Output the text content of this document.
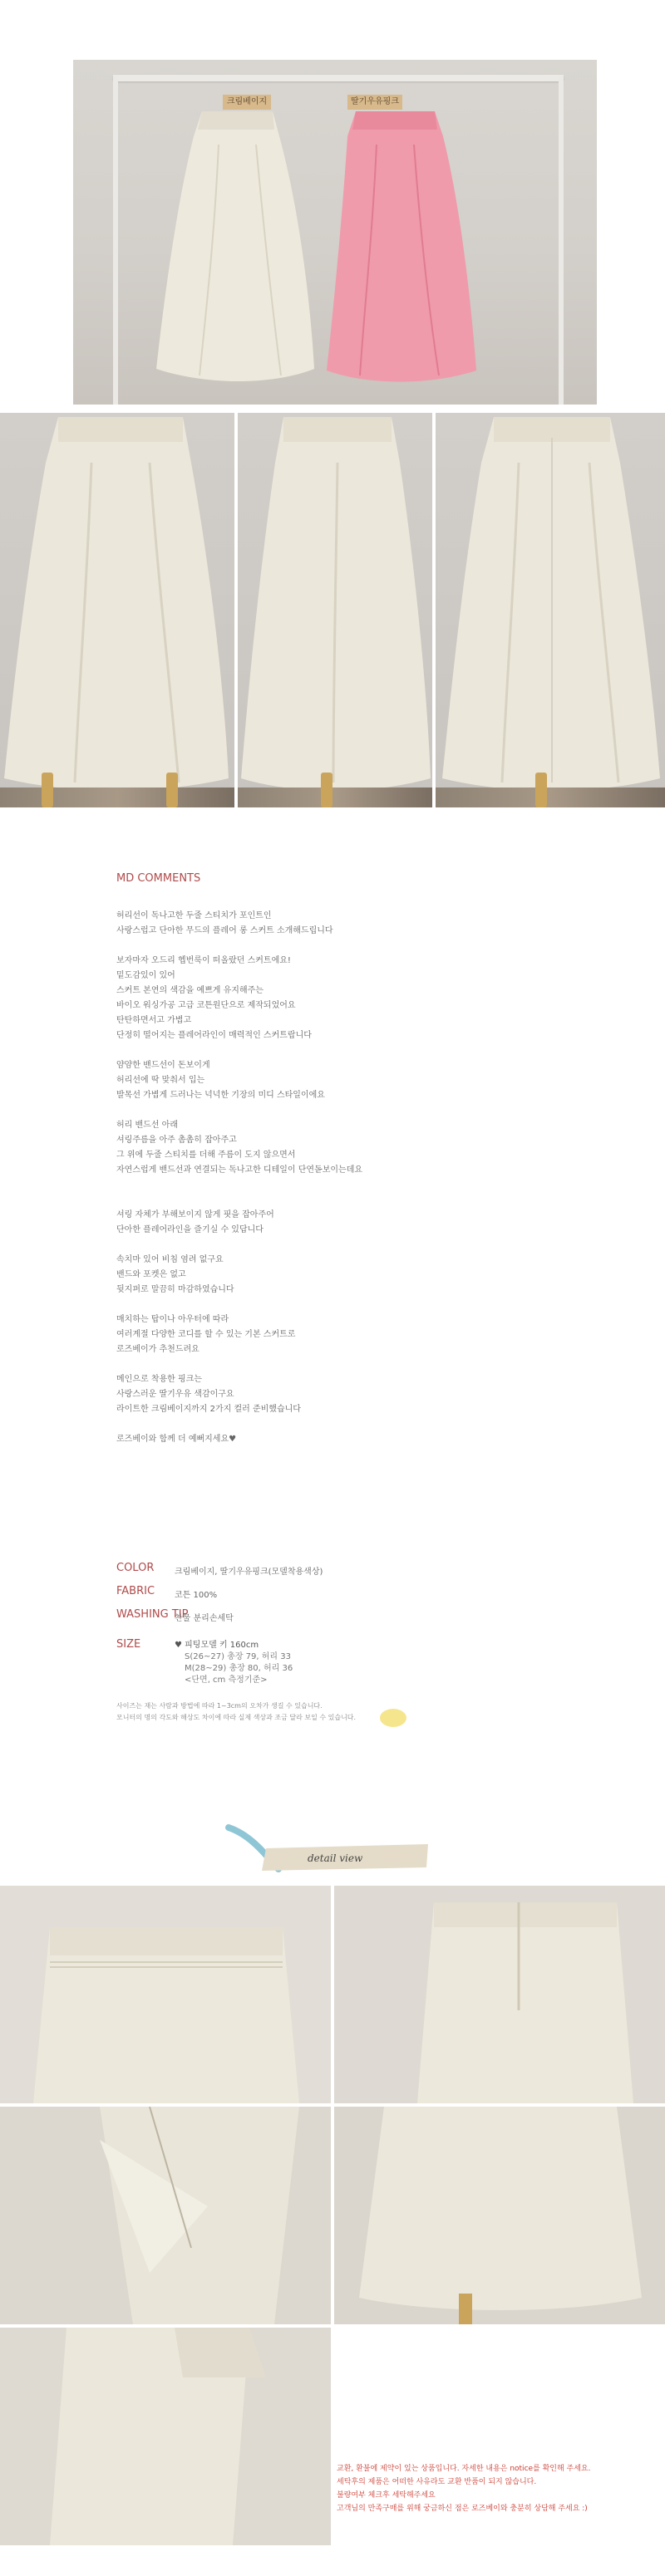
크림베이지	딸기우유핑크
MD COMMENTS
허리선이 독나고한 두줄 스티치가 포인트인
사랑스럽고 단아한 무드의 플레어 롱 스커트 소개해드립니다
보자마자 오드리 헵번룩이 떠올랐던 스커트에요!
밑도감있이 있어
스커트 본연의 색감을 예쁘게 유지해주는
바이오 워싱가공 고급 코튼원단으로 제작되었어요
탄탄하면서고 가볍고
단정히 떨어지는 플레어라인이 매력적인 스커트랍니다
얌얌한 밴드선이 돈보이게
허리선에 딱 맞춰서 입는
발목선 가볍게 드러나는 넉넉한 기장의 미디 스타일이에요
허리 밴드선 아래
셔링주름을 아주 촘촘히 잡아주고
그 위에 두줄 스티치를 더해 주름이 도지 않으면서
자연스럽게 밴드선과 연결되는 독나고한 디테일이 단연돋보이는데요
셔링 자체가 부해보이지 않게 핏을 잡아주어
단아한 플레어라인을 즐기실 수 있답니다
속치마 있어 비침 염려 없구요
밴드와 포켓은 없고
뒷지퍼로 말끔히 마감하였습니다
매치하는 탑이나 아우터에 따라
여러계절 다양한 코디를 할 수 있는 기본 스커트로
로즈베이가 추천드려요
메인으로 착용한 핑크는
사랑스러운 딸기우유 색감이구요
라이트한 크림베이지까지 2가지 컬러 준비했습니다
로즈베이와 함께 더 예뻐지세요♥
COLOR 크림베이지, 딸기우유핑크(모델착용색상)
FABRIC 코튼 100%
WASHING TIP
찬물 분리손세탁
SIZE	♥ 피팅모델 키 160cm
S(26~27) 총장 79, 허리 33
M(28~29) 총장 80, 허리 36
<단면, cm 측정기준>
사이즈는 재는 사람과 방법에 따라 1~3cm의 오차가 생길 수 있습니다.
모니터의 명의 각도와 해상도 차이에 따라 실제 색상과 조금 달라 보일 수 있습니다.
detail view
교환, 환불에 제약이 있는 상품입니다. 자세한 내용은 notice를 확인해 주세요.
세탁후의 제품은 어떠한 사유라도 교환 반품이 되지 않습니다.
불량여부 체크후 세탁해주세요
고객님의 만족구매를 위해 궁금하신 점은 로즈베이와 충분히 상담해 주세요 :)
